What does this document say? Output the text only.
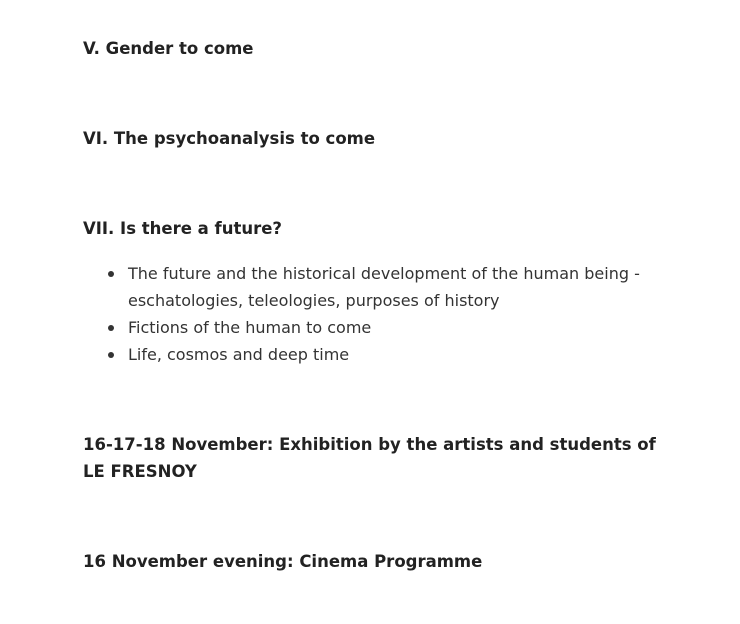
V. Gender to come
VI. The psychoanalysis to come
VII. Is there a future?
The future and the historical development of the human being - eschatologies, teleologies, purposes of history
Fictions of the human to come
Life, cosmos and deep time
16-17-18 November: Exhibition by the artists and students of LE FRESNOY
16 November evening: Cinema Programme
